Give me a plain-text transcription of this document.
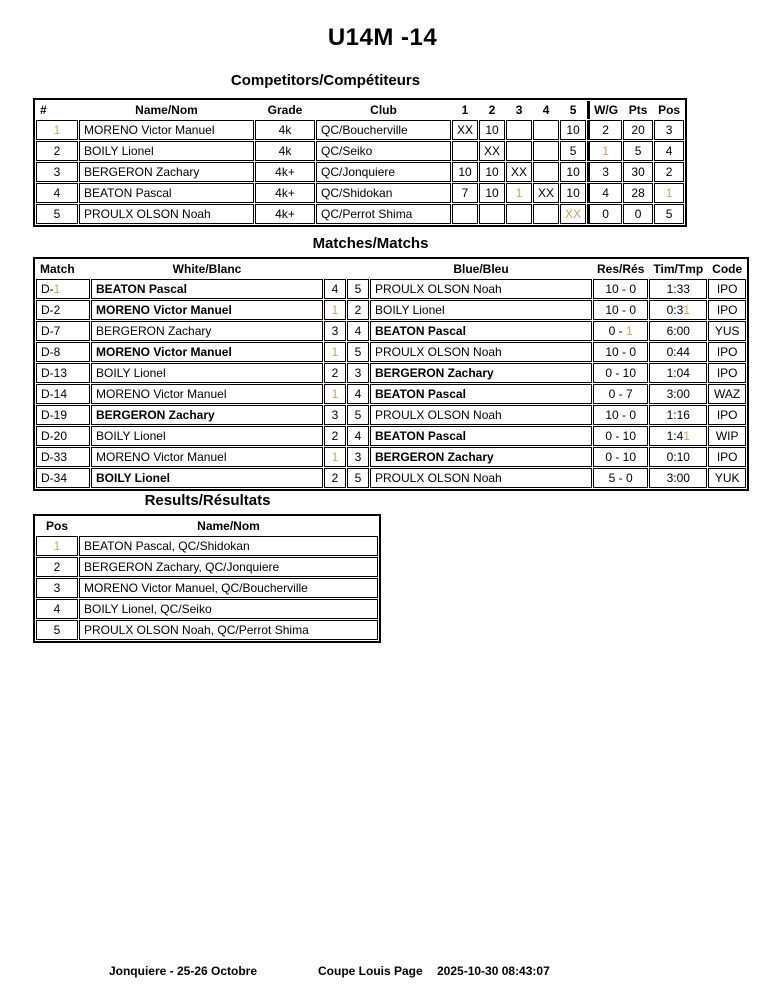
U14M -14
Competitors/Compétiteurs
#	Name/Nom	Grade	Club	1	2	3	4	5	W/G	Pts	Pos
1	MORENO Victor Manuel	4k	QC/Boucherville	XX	10			10	2	20	3
2	BOILY Lionel	4k	QC/Seiko		XX			5	1	5	4
3	BERGERON Zachary	4k+	QC/Jonquiere	10	10	XX		10	3	30	2
4	BEATON Pascal	4k+	QC/Shidokan	7	10	1	XX	10	4	28	1
5	PROULX OLSON Noah	4k+	QC/Perrot Shima					XX	0	0	5
Matches/Matchs
Match	White/Blanc			Blue/Bleu	Res/Rés	Tim/Tmp	Code
D-1	BEATON Pascal	4	5	PROULX OLSON Noah	10 - 0	1:33	IPO
D-2	MORENO Victor Manuel	1	2	BOILY Lionel	10 - 0	0:31	IPO
D-7	BERGERON Zachary	3	4	BEATON Pascal	0 - 1	6:00	YUS
D-8	MORENO Victor Manuel	1	5	PROULX OLSON Noah	10 - 0	0:44	IPO
D-13	BOILY Lionel	2	3	BERGERON Zachary	0 - 10	1:04	IPO
D-14	MORENO Victor Manuel	1	4	BEATON Pascal	0 - 7	3:00	WAZ
D-19	BERGERON Zachary	3	5	PROULX OLSON Noah	10 - 0	1:16	IPO
D-20	BOILY Lionel	2	4	BEATON Pascal	0 - 10	1:41	WIP
D-33	MORENO Victor Manuel	1	3	BERGERON Zachary	0 - 10	0:10	IPO
D-34	BOILY Lionel	2	5	PROULX OLSON Noah	5 - 0	3:00	YUK
Results/Résultats
Pos	Name/Nom
1	BEATON Pascal, QC/Shidokan
2	BERGERON Zachary, QC/Jonquiere
3	MORENO Victor Manuel, QC/Boucherville
4	BOILY Lionel, QC/Seiko
5	PROULX OLSON Noah, QC/Perrot Shima
Jonquiere - 25-26 Octobre	Coupe Louis Page 2025-10-30 08:43:07
